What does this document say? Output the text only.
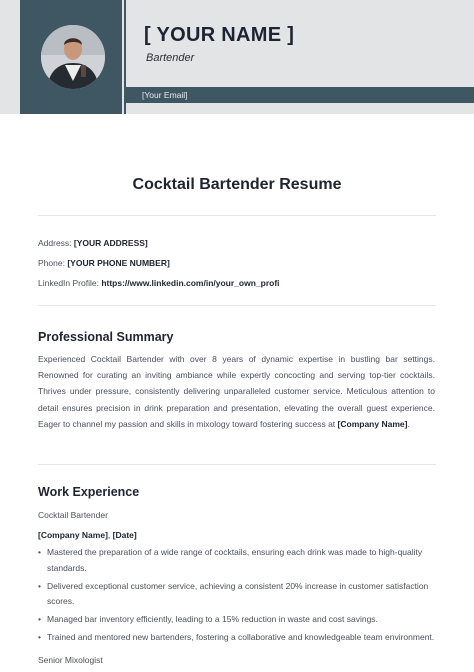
[ YOUR NAME ]
Bartender
[Your Email]
Cocktail Bartender Resume
Address: [YOUR ADDRESS]
Phone: [YOUR PHONE NUMBER]
LinkedIn Profile: https://www.linkedin.com/in/your_own_profi
Professional Summary
Experienced Cocktail Bartender with over 8 years of dynamic expertise in bustling bar settings. Renowned for curating an inviting ambiance while expertly concocting and serving top-tier cocktails. Thrives under pressure, consistently delivering unparalleled customer service. Meticulous attention to detail ensures precision in drink preparation and presentation, elevating the overall guest experience. Eager to channel my passion and skills in mixology toward fostering success at [Company Name].
Work Experience
Cocktail Bartender
[Company Name], [Date]
• Mastered the preparation of a wide range of cocktails, ensuring each drink was made to high-quality standards.
• Delivered exceptional customer service, achieving a consistent 20% increase in customer satisfaction scores.
• Managed bar inventory efficiently, leading to a 15% reduction in waste and cost savings.
• Trained and mentored new bartenders, fostering a collaborative and knowledgeable team environment.
Senior Mixologist
